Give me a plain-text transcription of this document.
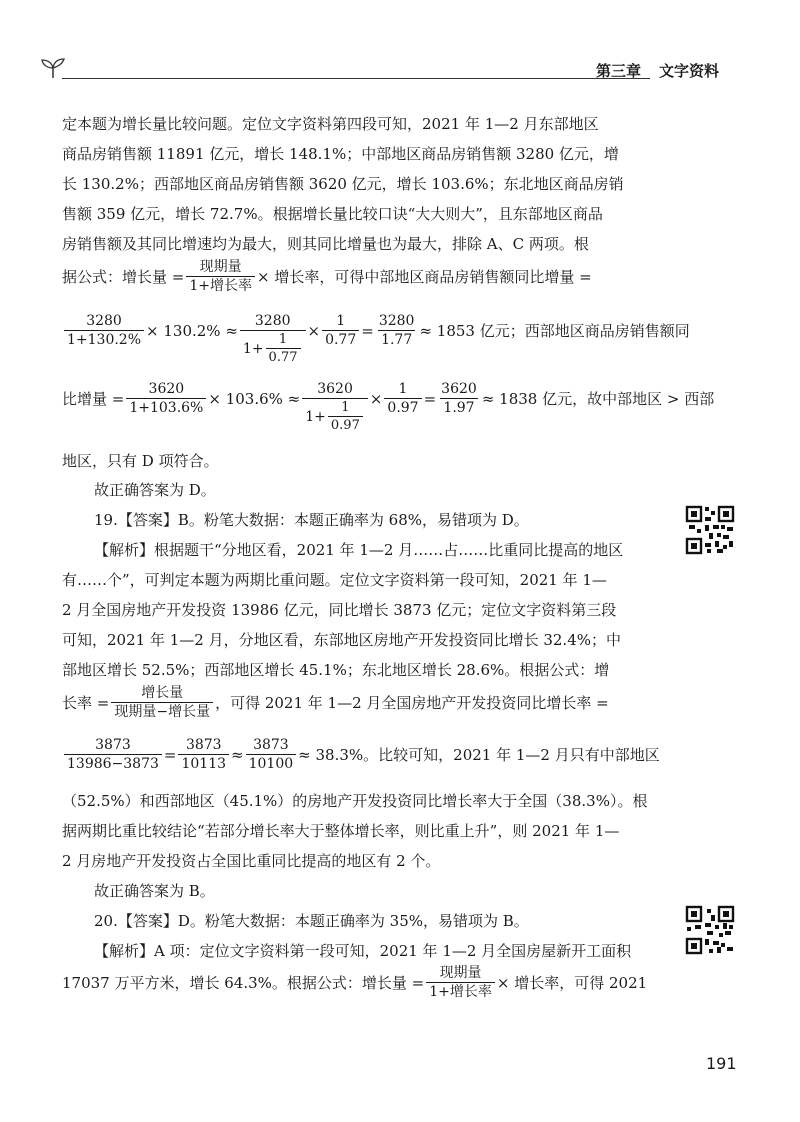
第三章 文字资料
定本题为增长量比较问题。定位文字资料第四段可知，2021 年 1—2 月东部地区
商品房销售额 11891 亿元，增长 148.1%；中部地区商品房销售额 3280 亿元，增
长 130.2%；西部地区商品房销售额 3620 亿元，增长 103.6%；东北地区商品房销
售额 359 亿元，增长 72.7%。根据增长量比较口诀“大大则大”，且东部地区商品
房销售额及其同比增速均为最大，则其同比增量也为最大，排除 A、C 两项。根
据公式：增长量 = $\frac{\text{现期量}}{\text{1+增长率}}$ × 增长率，可得中部地区商品房销售额同比增量 =
$\frac{3280}{1+130.2\%} \times 130.2\% \approx \frac{3280}{1+ \frac{1}{0.77}} \times \frac{1}{0.77} = \frac{3280}{1.77} \approx 1853$ 亿元；西部地区商品房销售额同
比增量 = $\frac{3620}{1+103.6\%} \times 103.6\% \approx \frac{3620}{1+ \frac{1}{0.97}} \times \frac{1}{0.97} = \frac{3620}{1.97} \approx 1838$ 亿元，故中部地区 > 西部
地区，只有 D 项符合。
故正确答案为 D。
19.【答案】B。粉笔大数据：本题正确率为 68%，易错项为 D。
【解析】根据题干“分地区看，2021 年 1—2 月……占……比重同比提高的地区
有……个”，可判定本题为两期比重问题。定位文字资料第一段可知，2021 年 1—
2 月全国房地产开发投资 13986 亿元，同比增长 3873 亿元；定位文字资料第三段
可知，2021 年 1—2 月，分地区看，东部地区房地产开发投资同比增长 32.4%；中
部地区增长 52.5%；西部地区增长 45.1%；东北地区增长 28.6%。根据公式：增
长率 = $\frac{\text{增长量}}{\text{现期量−增长量}}$ ，可得 2021 年 1—2 月全国房地产开发投资同比增长率 =
$\frac{3873}{13986-3873} = \frac{3873}{10113} \approx \frac{3873}{10100} \approx 38.3\%$。比较可知，2021 年 1—2 月只有中部地区
（52.5%）和西部地区（45.1%）的房地产开发投资同比增长率大于全国（38.3%）。根
据两期比重比较结论“若部分增长率大于整体增长率，则比重上升”，则 2021 年 1—
2 月房地产开发投资占全国比重同比提高的地区有 2 个。
故正确答案为 B。
20.【答案】D。粉笔大数据：本题正确率为 35%，易错项为 B。
【解析】A 项：定位文字资料第一段可知，2021 年 1—2 月全国房屋新开工面积
17037 万平方米，增长 64.3%。根据公式：增长量 = $\frac{\text{现期量}}{\text{1+增长率}}$ × 增长率，可得 2021
191
